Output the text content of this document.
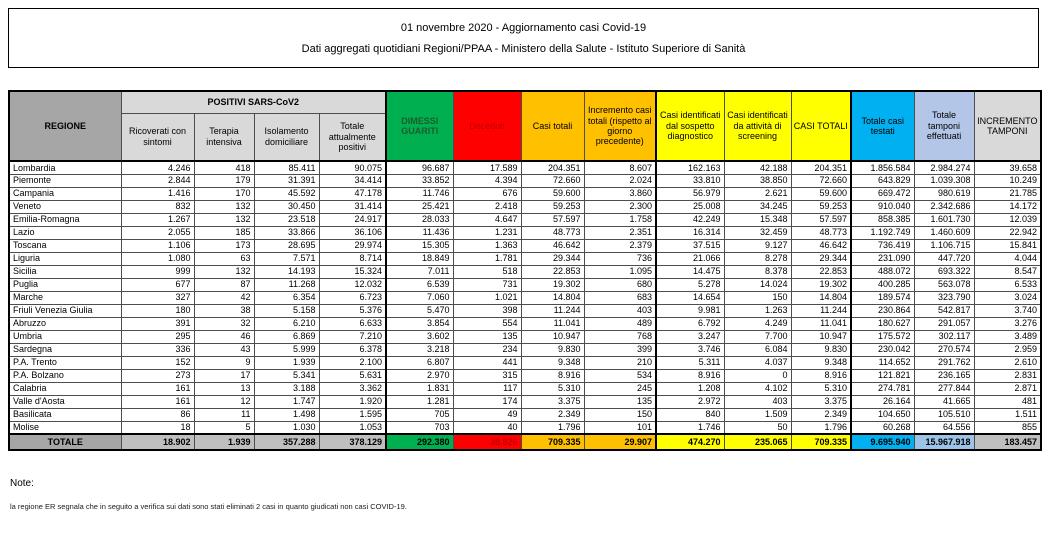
01 novembre 2020 - Aggiornamento casi Covid-19
Dati aggregati quotidiani Regioni/PPAA - Ministero della Salute - Istituto Superiore di Sanità
REGIONE	POSITIVI SARS-CoV2				DIMESSI GUARITI	Deceduti	Casi totali	Incremento casi totali (rispetto al giorno precedente)	Casi identificati dal sospetto diagnostico	Casi identificati da attività di screening	CASI TOTALI	Totale casi testati	Totale tamponi effettuati	INCREMENTO TAMPONI
	Ricoverati con sintomi	Terapia intensiva	Isolamento domiciliare	Totale attualmente positivi										
Lombardia	4.246	418	85.411	90.075	96.687	17.589	204.351	8.607	162.163	42.188	204.351	1.856.584	2.984.274	39.658
Piemonte	2.844	179	31.391	34.414	33.852	4.394	72.660	2.024	33.810	38.850	72.660	643.829	1.039.308	10.249
Campania	1.416	170	45.592	47.178	11.746	676	59.600	3.860	56.979	2.621	59.600	669.472	980.619	21.785
Veneto	832	132	30.450	31.414	25.421	2.418	59.253	2.300	25.008	34.245	59.253	910.040	2.342.686	14.172
Emilia-Romagna	1.267	132	23.518	24.917	28.033	4.647	57.597	1.758	42.249	15.348	57.597	858.385	1.601.730	12.039
Lazio	2.055	185	33.866	36.106	11.436	1.231	48.773	2.351	16.314	32.459	48.773	1.192.749	1.460.609	22.942
Toscana	1.106	173	28.695	29.974	15.305	1.363	46.642	2.379	37.515	9.127	46.642	736.419	1.106.715	15.841
Liguria	1.080	63	7.571	8.714	18.849	1.781	29.344	736	21.066	8.278	29.344	231.090	447.720	4.044
Sicilia	999	132	14.193	15.324	7.011	518	22.853	1.095	14.475	8.378	22.853	488.072	693.322	8.547
Puglia	677	87	11.268	12.032	6.539	731	19.302	680	5.278	14.024	19.302	400.285	563.078	6.533
Marche	327	42	6.354	6.723	7.060	1.021	14.804	683	14.654	150	14.804	189.574	323.790	3.024
Friuli Venezia Giulia	180	38	5.158	5.376	5.470	398	11.244	403	9.981	1.263	11.244	230.864	542.817	3.740
Abruzzo	391	32	6.210	6.633	3.854	554	11.041	489	6.792	4.249	11.041	180.627	291.057	3.276
Umbria	295	46	6.869	7.210	3.602	135	10.947	768	3.247	7.700	10.947	175.572	302.117	3.489
Sardegna	336	43	5.999	6.378	3.218	234	9.830	399	3.746	6.084	9.830	230.042	270.574	2.959
P.A. Trento	152	9	1.939	2.100	6.807	441	9.348	210	5.311	4.037	9.348	114.652	291.762	2.610
P.A. Bolzano	273	17	5.341	5.631	2.970	315	8.916	534	8.916	0	8.916	121.821	236.165	2.831
Calabria	161	13	3.188	3.362	1.831	117	5.310	245	1.208	4.102	5.310	274.781	277.844	2.871
Valle d'Aosta	161	12	1.747	1.920	1.281	174	3.375	135	2.972	403	3.375	26.164	41.665	481
Basilicata	86	11	1.498	1.595	705	49	2.349	150	840	1.509	2.349	104.650	105.510	1.511
Molise	18	5	1.030	1.053	703	40	1.796	101	1.746	50	1.796	60.268	64.556	855
TOTALE	18.902	1.939	357.288	378.129	292.380	38.826	709.335	29.907	474.270	235.065	709.335	9.695.940	15.967.918	183.457
Note:
la regione ER segnala che in seguito a verifica sui dati sono stati eliminati 2 casi in quanto giudicati non casi COVID-19.
